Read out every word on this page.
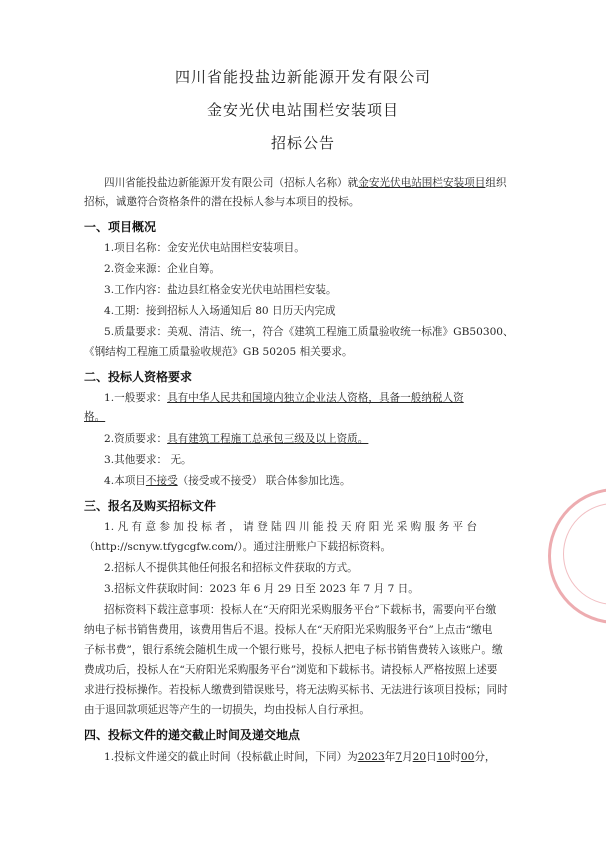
四川省能投盐边新能源开发有限公司
金安光伏电站围栏安装项目
招标公告
四川省能投盐边新能源开发有限公司（招标人名称）就金安光伏电站围栏安装项目组织
招标，诚邀符合资格条件的潜在投标人参与本项目的投标。
一、项目概况
1.项目名称：金安光伏电站围栏安装项目。
2.资金来源：企业自筹。
3.工作内容：盐边县红格金安光伏电站围栏安装。
4.工期：接到招标人入场通知后 80 日历天内完成
5.质量要求：美观、清洁、统一，符合《建筑工程施工质量验收统一标准》GB50300、
《钢结构工程施工质量验收规范》GB 50205 相关要求。
二、投标人资格要求
1.一般要求：具有中华人民共和国境内独立企业法人资格，具备一般纳税人资
格。
2.资质要求：具有建筑工程施工总承包三级及以上资质。
3.其他要求： 无。
4.本项目不接受（接受或不接受） 联合体参加比选。
三、报名及购买招标文件
1. 凡 有 意 参 加 投 标 者 ， 请 登 陆 四 川 能 投 天 府 阳 光 采 购 服 务 平 台
（http://scnyw.tfygcgfw.com/）。通过注册账户下载招标资料。
2.招标人不提供其他任何报名和招标文件获取的方式。
3.招标文件获取时间：2023 年 6 月 29 日至 2023 年 7 月 7 日。
招标资料下载注意事项：投标人在“天府阳光采购服务平台”下载标书，需要向平台缴
纳电子标书销售费用，该费用售后不退。投标人在“天府阳光采购服务平台”上点击“缴电
子标书费”，银行系统会随机生成一个银行账号，投标人把电子标书销售费转入该账户。缴
费成功后，投标人在“天府阳光采购服务平台”浏览和下载标书。请投标人严格按照上述要
求进行投标操作。若投标人缴费到错误账号，将无法购买标书、无法进行该项目投标；同时
由于退回款项延迟等产生的一切损失，均由投标人自行承担。
四、投标文件的递交截止时间及递交地点
1.投标文件递交的截止时间（投标截止时间，下同）为2023年7月20日10时00分，
